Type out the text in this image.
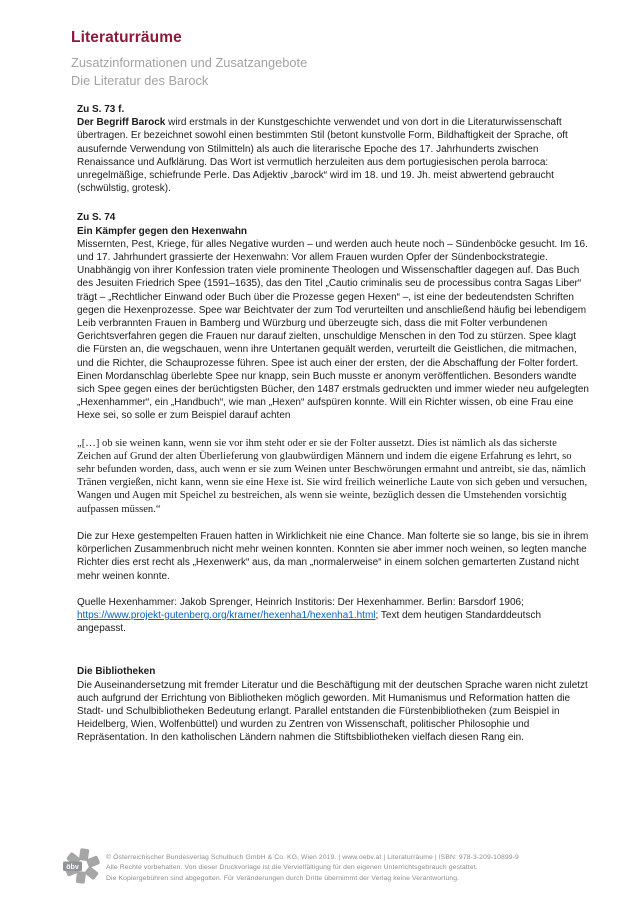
Literaturräume
Zusatzinformationen und Zusatzangebote
Die Literatur des Barock
Zu S. 73 f.

Der Begriff Barock wird erstmals in der Kunstgeschichte verwendet und von dort in die Literaturwissenschaft übertragen. Er bezeichnet sowohl einen bestimmten Stil (betont kunstvolle Form, Bildhaftigkeit der Sprache, oft ausufernde Verwendung von Stilmitteln) als auch die literarische Epoche des 17. Jahrhunderts zwischen Renaissance und Aufklärung. Das Wort ist vermutlich herzuleiten aus dem portugiesischen perola barroca: unregelmäßige, schiefrunde Perle. Das Adjektiv „barock“ wird im 18. und 19. Jh. meist abwertend gebraucht (schwülstig, grotesk).

Zu S. 74
Ein Kämpfer gegen den Hexenwahn

Missernten, Pest, Kriege, für alles Negative wurden – und werden auch heute noch – Sündenböcke gesucht. Im 16. und 17. Jahrhundert grassierte der Hexenwahn: Vor allem Frauen wurden Opfer der Sündenbockstrategie. Unabhängig von ihrer Konfession traten viele prominente Theologen und Wissenschaftler dagegen auf. Das Buch des Jesuiten Friedrich Spee (1591–1635), das den Titel „Cautio criminalis seu de processibus contra Sagas Liber“ trägt – „Rechtlicher Einwand oder Buch über die Prozesse gegen Hexen“ –, ist eine der bedeutendsten Schriften gegen die Hexenprozesse. Spee war Beichtvater der zum Tod verurteilten und anschließend häufig bei lebendigem Leib verbrannten Frauen in Bamberg und Würzburg und überzeugte sich, dass die mit Folter verbundenen Gerichtsverfahren gegen die Frauen nur darauf zielten, unschuldige Menschen in den Tod zu stürzen. Spee klagt die Fürsten an, die wegschauen, wenn ihre Untertanen gequält werden, verurteilt die Geistlichen, die mitmachen, und die Richter, die Schauprozesse führen. Spee ist auch einer der ersten, der die Abschaffung der Folter fordert. Einen Mordanschlag überlebte Spee nur knapp, sein Buch musste er anonym veröffentlichen. Besonders wandte sich Spee gegen eines der berüchtigsten Bücher, den 1487 erstmals gedruckten und immer wieder neu aufgelegten „Hexenhammer“, ein „Handbuch“, wie man „Hexen“ aufspüren konnte. Will ein Richter wissen, ob eine Frau eine Hexe sei, so solle er zum Beispiel darauf achten

„[…] ob sie weinen kann, wenn sie vor ihm steht oder er sie der Folter aussetzt. Dies ist nämlich als das sicherste Zeichen auf Grund der alten Überlieferung von glaubwürdigen Männern und indem die eigene Erfahrung es lehrt, so sehr befunden worden, dass, auch wenn er sie zum Weinen unter Beschwörungen ermahnt und antreibt, sie das, nämlich Tränen vergießen, nicht kann, wenn sie eine Hexe ist. Sie wird freilich weinerliche Laute von sich geben und versuchen, Wangen und Augen mit Speichel zu bestreichen, als wenn sie weinte, bezüglich dessen die Umstehenden vorsichtig aufpassen müssen.“

Die zur Hexe gestempelten Frauen hatten in Wirklichkeit nie eine Chance. Man folterte sie so lange, bis sie in ihrem körperlichen Zusammenbruch nicht mehr weinen konnten. Konnten sie aber immer noch weinen, so legten manche Richter dies erst recht als „Hexenwerk“ aus, da man „normalerweise“ in einem solchen gemarterten Zustand nicht mehr weinen konnte.

Quelle Hexenhammer: Jakob Sprenger, Heinrich Institoris: Der Hexenhammer. Berlin: Barsdorf 1906; https://www.projekt-gutenberg.org/kramer/hexenha1/hexenha1.html; Text dem heutigen Standarddeutsch angepasst.

Die Bibliotheken

Die Auseinandersetzung mit fremder Literatur und die Beschäftigung mit der deutschen Sprache waren nicht zuletzt auch aufgrund der Errichtung von Bibliotheken möglich geworden. Mit Humanismus und Reformation hatten die Stadt- und Schulbibliotheken Bedeutung erlangt. Parallel entstanden die Fürstenbibliotheken (zum Beispiel in Heidelberg, Wien, Wolfenbüttel) und wurden zu Zentren von Wissenschaft, politischer Philosophie und Repräsentation. In den katholischen Ländern nahmen die Stiftsbibliotheken vielfach diesen Rang ein.

öbv
© Österreichischer Bundesverlag Schulbuch GmbH & Co. KG, Wien 2019. | www.oebv.at | Literaturräume | ISBN: 978-3-209-10899-9
Alle Rechte vorbehalten. Von dieser Druckvorlage ist die Vervielfältigung für den eigenen Unterrichtsgebrauch gestattet.
Die Kopiergebühren sind abgegolten. Für Veränderungen durch Dritte übernimmt der Verlag keine Verantwortung.
